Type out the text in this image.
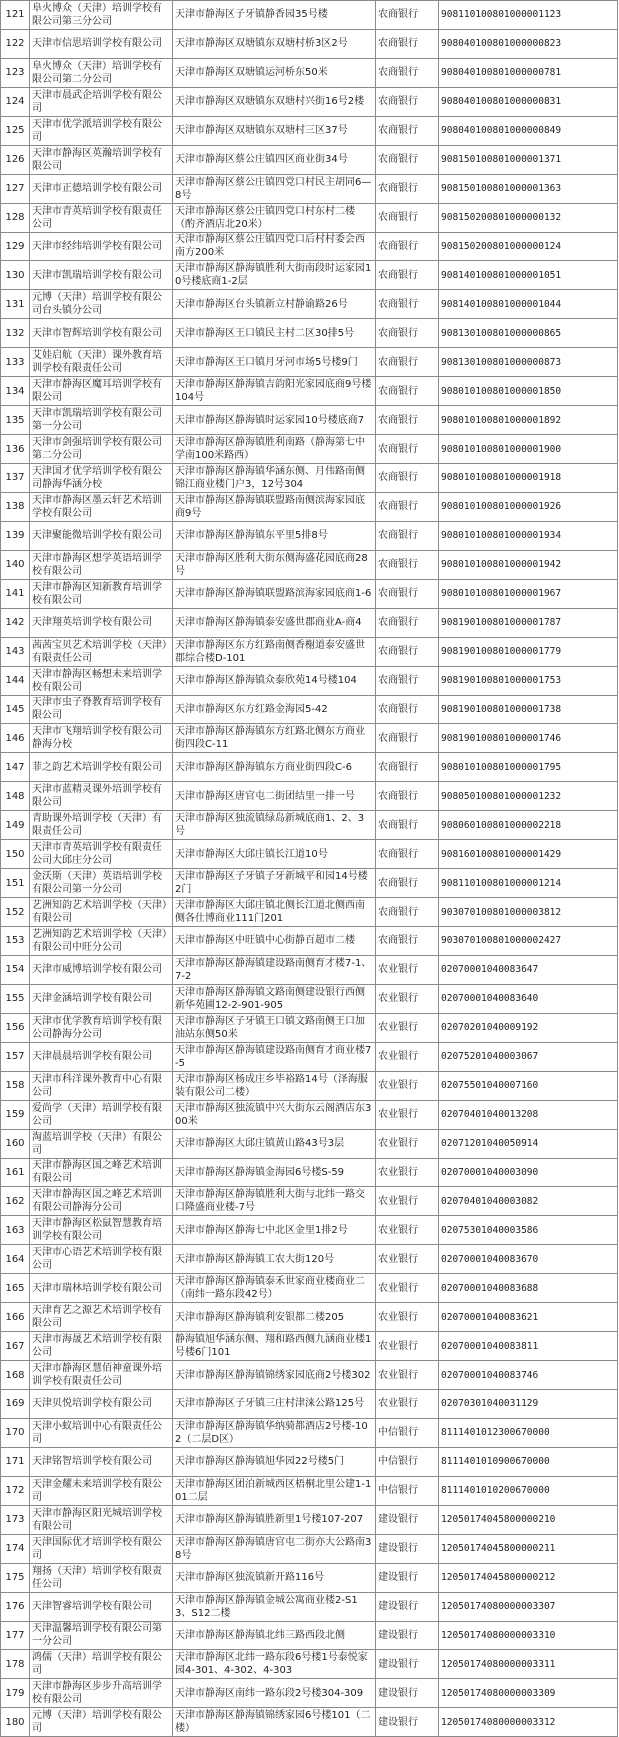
121	阜火博众（天津）培训学校有限公司第三分公司	天津市静海区子牙镇静香园35号楼	农商银行	908110100801000001123
122	天津市信思培训学校有限公司	天津市静海区双塘镇东双塘村桥3区2号	农商银行	908040100801000000823
123	阜火博众（天津）培训学校有限公司第二分公司	天津市静海区双塘镇运河桥东50米	农商银行	908040100801000000781
124	天津市晨武企培训学校有限公司	天津市静海区双塘镇东双塘村兴街16号2楼	农商银行	908040100801000000831
125	天津市优学派培训学校有限公司	天津市静海区双塘镇东双塘村三区37号	农商银行	908040100801000000849
126	天津市静海区英瀚培训学校有限公司	天津市静海区蔡公庄镇四区商业街34号	农商银行	908150100801000001371
127	天津市正德培训学校有限公司	天津市静海区蔡公庄镇四党口村民主胡同6—8号	农商银行	908150100801000001363
128	天津市青英培训学校有限责任公司	天津市静海区蔡公庄镇四党口村东村二楼（酌齐酒店北20米）	农商银行	908150200801000000132
129	天津市经纬培训学校有限公司	天津市静海区蔡公庄镇四党口后村村委会西南方200米	农商银行	908150200801000000124
130	天津市凯瑞培训学校有限公司	天津市静海区静海镇胜利大街南段时运家园10号楼底商1-2层	农商银行	908140100801000001051
131	元博（天津）培训学校有限公司台头镇分公司	天津市静海区台头镇新立村静谕路26号	农商银行	908140100801000001044
132	天津市智辉培训学校有限公司	天津市静海区王口镇民主村二区30排5号	农商银行	908130100801000000865
133	艾娃启航（天津）课外教育培训学校有限责任公司	天津市静海区王口镇月牙河市场5号楼9门	农商银行	908130100801000000873
134	天津市静海区魔耳培训学校有限公司	天津市静海区静海镇吉韵阳光家园底商9号楼104号	农商银行	908010100801000001850
135	天津市凯瑞培训学校有限公司第一分公司	天津市静海区静海镇时运家园10号楼底商7	农商银行	908010100801000001892
136	天津市剑强培训学校有限公司第二分公司	天津市静海区静海镇胜利南路（静海第七中学南100米路西）	农商银行	908010100801000001900
137	天津国才优学培训学校有限公司静海华涵分校	天津市静海区静海镇华涵东侧、月伟路南侧锦江商业楼门户3，12号304	农商银行	908010100801000001918
138	天津市静海区墨云轩艺术培训学校有限公司	天津市静海区静海镇联盟路南侧滨海家园底商9号	农商银行	908010100801000001926
139	天津聚能微培训学校有限公司	天津市静海区静海镇东平里5排8号	农商银行	908010100801000001934
140	天津市静海区想学英语培训学校有限公司	天津市静海区胜利大街东侧海盛花园底商28号	农商银行	908010100801000001942
141	天津市静海区知新教育培训学校有限公司	天津市静海区静海镇联盟路滨海家园底商1-6	农商银行	908010100801000001967
142	天津翔英培训学校有限公司	天津市静海区静海镇泰安盛世郡商业A-商4	农商银行	908190100801000001787
143	茜茜宝贝艺术培训学校（天津）有限责任公司	天津市静海区东方红路南侧香榭道泰安盛世郡综合楼D-101	农商银行	908190100801000001779
144	天津市静海区畅想未来培训学校有限公司	天津市静海区静海镇众泰欣苑14号楼104	农商银行	908190100801000001753
145	天津市虫子脊教育培训学校有限公司	天津市静海区东方红路金海园5-42	农商银行	908190100801000001738
146	天津市飞翔培训学校有限公司静海分校	天津市静海区静海镇东方红路北侧东方商业街四段C-11	农商银行	908190100801000001746
147	菲之韵艺术培训学校有限公司	天津市静海区静海镇东方商业街四段C-6	农商银行	908010100801000001795
148	天津市蓝精灵课外培训学校有限公司	天津市静海区唐官屯二街团结里一排一号	农商银行	908050100801000001232
149	青助课外培训学校（天津）有限责任公司	天津市静海区独流镇绿岛新城底商1、2、3号	农商银行	908060100801000002218
150	天津市青英培训学校有限责任公司大邱庄分公司	天津市静海区大邱庄镇长江道10号	农商银行	908160100801000001429
151	金沃斯（天津）英语培训学校有限公司第一分公司	天津市静海区子牙镇子牙新城平和园14号楼2门	农商银行	908110100801000001214
152	艺洲知韵艺术培训学校（天津）有限公司	天津市静海区大邱庄镇北侧长江道北侧西南侧各仕博商业111门201	农商银行	903070100801000003812
153	艺洲知韵艺术培训学校（天津）有限公司中旺分公司	天津市静海区中旺镇中心街静百超市二楼	农商银行	903070100801000002427
154	天津市威博培训学校有限公司	天津市静海区静海镇建设路南侧育才楼7-1、7-2	农业银行	02070001040083647
155	天津金涵培训学校有限公司	天津市静海区静海镇文路南侧建设银行西侧新华苑圃12-2-901-905	农业银行	02070001040083640
156	天津市优学教育培训学校有限公司静海分公司	天津市静海区子牙镇王口镇文路南侧王口加油站东侧50米	农业银行	02070201040009192
157	天津晨晨培训学校有限公司	天津市静海区静海镇建设路南侧育才商业楼7-5	农业银行	02075201040003067
158	天津市科洋课外教育中心有限公司	天津市静海区杨成庄乡毕裕路14号（泽海服装有限公司二楼）	农业银行	02075501040007160
159	爱尚学（天津）培训学校有限公司	天津市静海区独流镇中兴大街东云阁酒店东300米	农业银行	02070401040013208
160	淘蓝培训学校（天津）有限公司	天津市静海区大邱庄镇黄山路43号3层	农业银行	02071201040050914
161	天津市静海区国之峰艺术培训有限公司	天津市静海区静海镇金海园6号楼S-59	农业银行	02070001040003090
162	天津市静海区国之峰艺术培训有限公司静海分公司	天津市静海区静海镇胜利大街与北纬一路交口隆盛商业楼-7号	农业银行	02070401040003082
163	天津市静海区松鼠智慧教育培训学校有限公司	天津市静海区静海七中北区金里1排2号	农业银行	02075301040003586
164	天津市心语艺术培训学校有限公司	天津市静海区静海镇工农大街120号	农业银行	02070001040083670
165	天津市瑞林培训学校有限公司	天津市静海区静海镇泰禾世家商业楼商业二（南纬一路东段42号）	农业银行	02070001040083688
166	天津育艺之源艺术培训学校有限公司	天津市静海区静海镇利安银都二楼205	农业银行	02070001040083621
167	天津市海晟艺术培训学校有限公司	静海镇旭华涵东侧、翔和路西侧九涵商业楼1号楼6门101	农业银行	02070001040083811
168	天津市静海区慧佰神童课外培训学校有限责任公司	天津市静海区静海镇锦绣家园底商2号楼302	农业银行	02070001040083746
169	天津贝悦培训学校有限公司	天津市静海区子牙镇三庄村津涞公路125号	农业银行	02070301040031129
170	天津小蚁培训中心有限责任公司	天津市静海区静海镇华纳骑都酒店2号楼-102（二层D区）	中信银行	8111401012300670000
171	天津铭智培训学校有限公司	天津市静海区静海镇旭华园22号楼5门	中信银行	8111401010900670000
172	天津金耀未来培训学校有限公司	天津市静海区团泊新城西区梧桐北里公建1-101二层	中信银行	8111401010200670000
173	天津市静海区阳光城培训学校有限公司	天津市静海区静海镇胜新里1号楼107-207	建设银行	12050174045800000210
174	天津国际优才培训学校有限公司	天津市静海区静海镇唐官屯二街亦大公路南38号	建设银行	12050174045800000211
175	翔扬（天津）培训学校有限责任公司	天津市静海区独流镇新开路116号	建设银行	12050174045800000212
176	天津智睿培训学校有限公司	天津市静海区静海镇金城公寓商业楼2-S13、S12二楼	建设银行	12050174080000003307
177	天津温馨培训学校有限公司第一分公司	天津市静海区静海镇北纬三路西段北侧	建设银行	12050174080000003310
178	鸿儒（天津）培训学校有限公司	天津市静海区北纬一路东段6号楼1号泰悦家园4-301、4-302、4-303	建设银行	12050174080000003311
179	天津市静海区步步升高培训学校有限公司	天津市静海区南纬一路东段2号楼304-309	建设银行	12050174080000003309
180	元博（天津）培训学校有限公司	天津市静海区静海镇锦绣家园6号楼101（二楼）	建设银行	12050174080000003312
